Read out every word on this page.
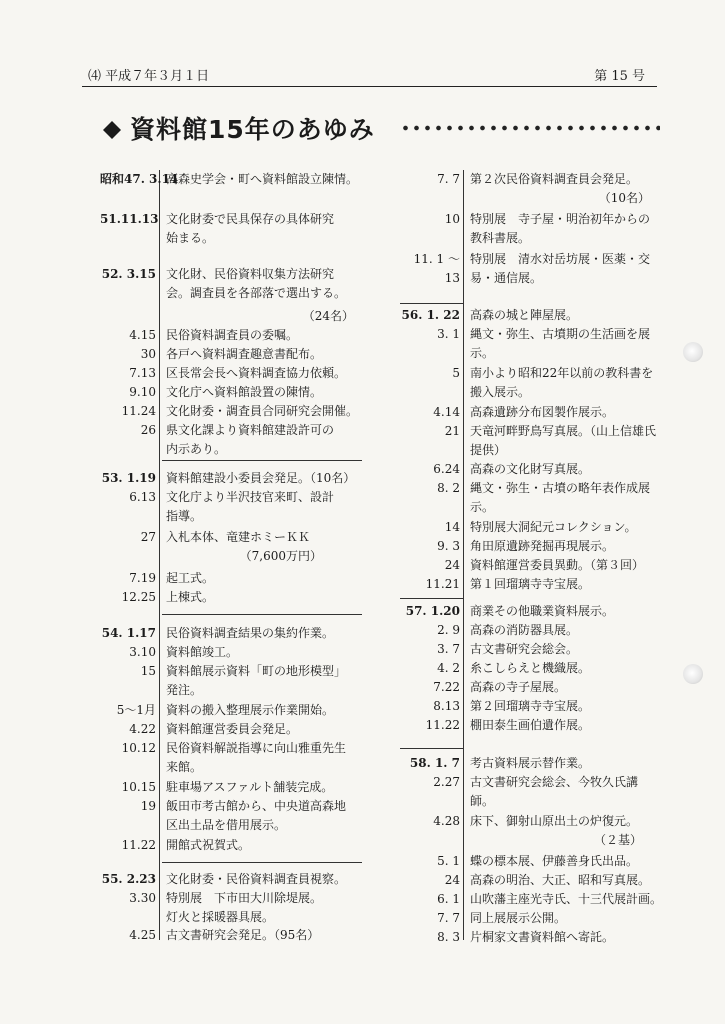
⑷ 平成７年３月１日	第 15 号
資料館15年のあゆみ
昭和47. 3.14
高森史学会・町へ資料館設立陳情。
51.11.13 文化財委で民具保存の具体研究始まる。
52. 3.15 文化財、民俗資料収集方法研究会。調査員を各部落で選出する。
（24名）
4.15 民俗資料調査員の委嘱。
30 各戸へ資料調査趣意書配布。
7.13 区長常会長へ資料調査協力依頼。
9.10 文化庁へ資料館設置の陳情。
11.24 文化財委・調査員合同研究会開催。
26 県文化課より資料館建設許可の内示あり。
53. 1.19 資料館建設小委員会発足。（10名）
6.13 文化庁より半沢技官来町、設計指導。
27 入札本体、竜建ホミーＫＫ
（7,600万円）
7.19 起工式。
12.25 上棟式。
54. 1.17 民俗資料調査結果の集約作業。
3.10 資料館竣工。
15 資料館展示資料「町の地形模型」発注。
5〜1月 資料の搬入整理展示作業開始。
4.22 資料館運営委員会発足。
10.12 民俗資料解説指導に向山雅重先生来館。
10.15 駐車場アスファルト舗装完成。
19 飯田市考古館から、中央道高森地区出土品を借用展示。
11.22 開館式祝賀式。
55. 2.23 文化財委・民俗資料調査員視察。
3.30 特別展　下市田大川除堤展。　　　灯火と採暖器具展。
4.25 古文書研究会発足。（95名）
7. 7 第２次民俗資料調査員会発足。
（10名）
10 特別展　寺子屋・明治初年からの教科書展。
11. 1 〜13
特別展　清水対岳坊展・医薬・交易・通信展。
56. 1. 22 高森の城と陣屋展。
3. 1 縄文・弥生、古墳期の生活画を展示。
5 南小より昭和22年以前の教科書を搬入展示。
4.14 高森遺跡分布図製作展示。
21 天竜河畔野鳥写真展。（山上信雄氏提供）
6.24 高森の文化財写真展。
8. 2 縄文・弥生・古墳の略年表作成展示。
14 特別展大洞紀元コレクション。
9. 3 角田原遺跡発掘再現展示。
24 資料館運営委員異動。（第３回）
11.21 第１回瑠璃寺寺宝展。
57. 1.20 商業その他職業資料展示。
2. 9 高森の消防器具展。
3. 7 古文書研究会総会。
4. 2 糸こしらえと機織展。
7.22 高森の寺子屋展。
8.13 第２回瑠璃寺寺宝展。
11.22 棚田泰生画伯遺作展。
58. 1. 7 考古資料展示替作業。
2.27 古文書研究会総会、今牧久氏講師。
4.28 床下、御射山原出土の炉復元。
（２基）
5. 1 蝶の標本展、伊藤善身氏出品。
24 高森の明治、大正、昭和写真展。
6. 1 山吹藩主座光寺氏、十三代展計画。
7. 7 同上展展示公開。
8. 3 片桐家文書資料館へ寄託。
